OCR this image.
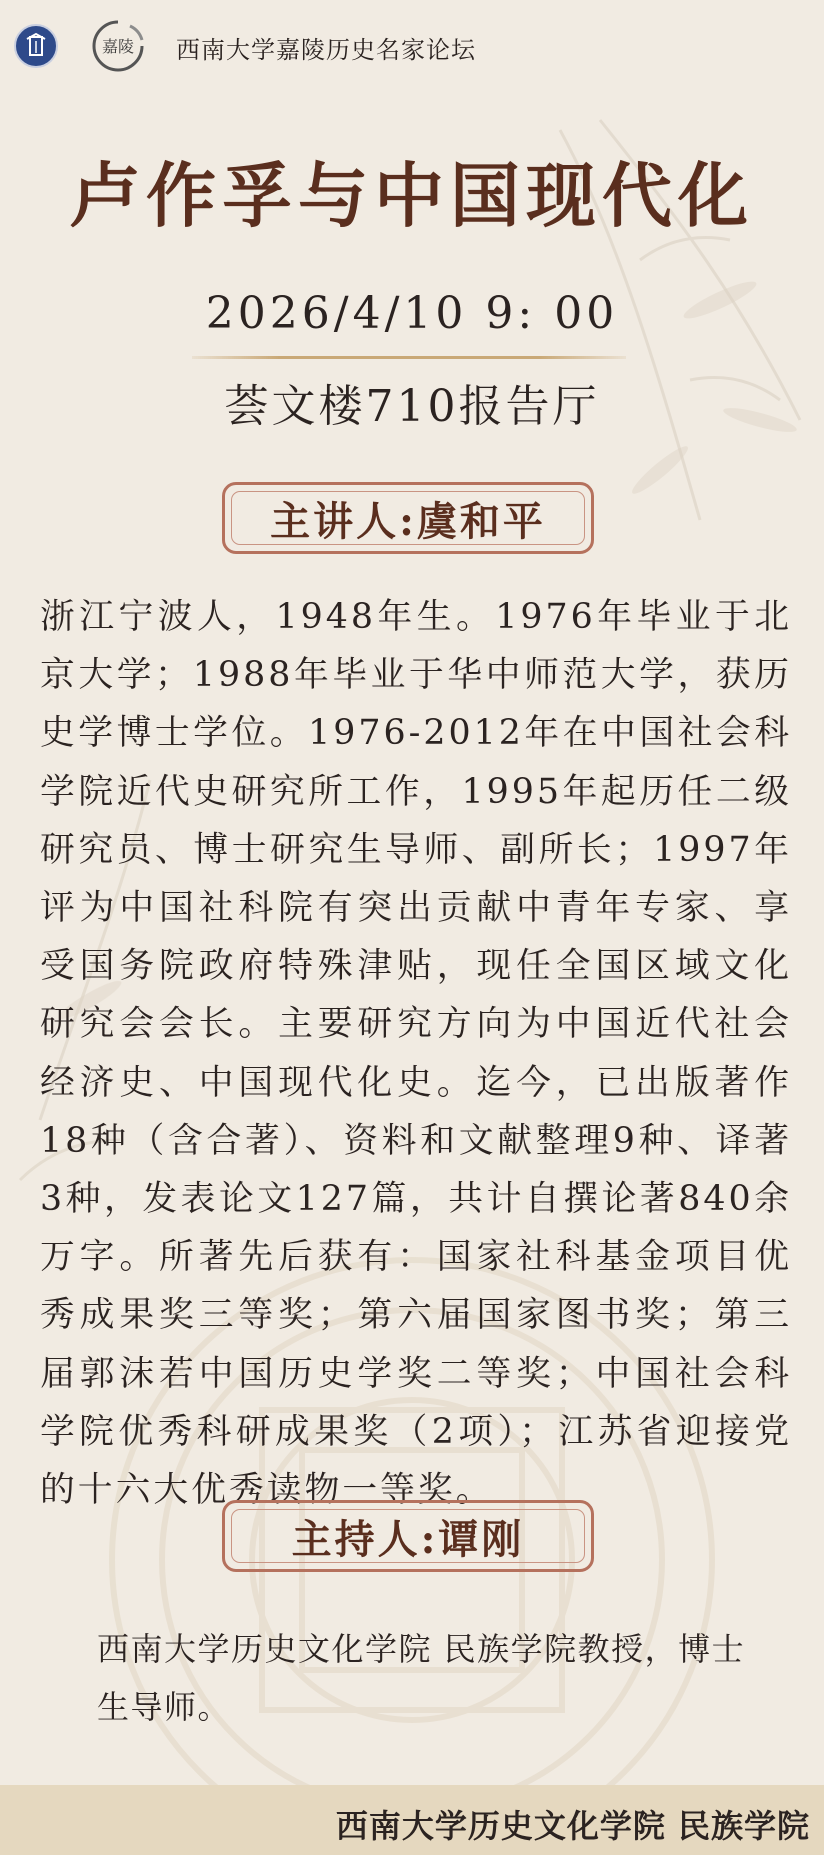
嘉陵 西南大学嘉陵历史名家论坛
卢作孚与中国现代化
2026/4/10 9: 00
荟文楼710报告厅
主讲人:虞和平
浙江宁波人，1948年生。1976年毕业于北京大学；1988年毕业于华中师范大学，获历史学博士学位。1976-2012年在中国社会科学院近代史研究所工作，1995年起历任二级研究员、博士研究生导师、副所长；1997年评为中国社科院有突出贡献中青年专家、享受国务院政府特殊津贴，现任全国区域文化研究会会长。主要研究方向为中国近代社会经济史、中国现代化史。迄今，已出版著作18种（含合著）、资料和文献整理9种、译著3种，发表论文127篇，共计自撰论著840余万字。所著先后获有：国家社科基金项目优秀成果奖三等奖；第六届国家图书奖；第三届郭沫若中国历史学奖二等奖；中国社会科学院优秀科研成果奖（2项）；江苏省迎接党的十六大优秀读物一等奖。
主持人:谭刚
西南大学历史文化学院 民族学院教授，博士生导师。
西南大学历史文化学院 民族学院
